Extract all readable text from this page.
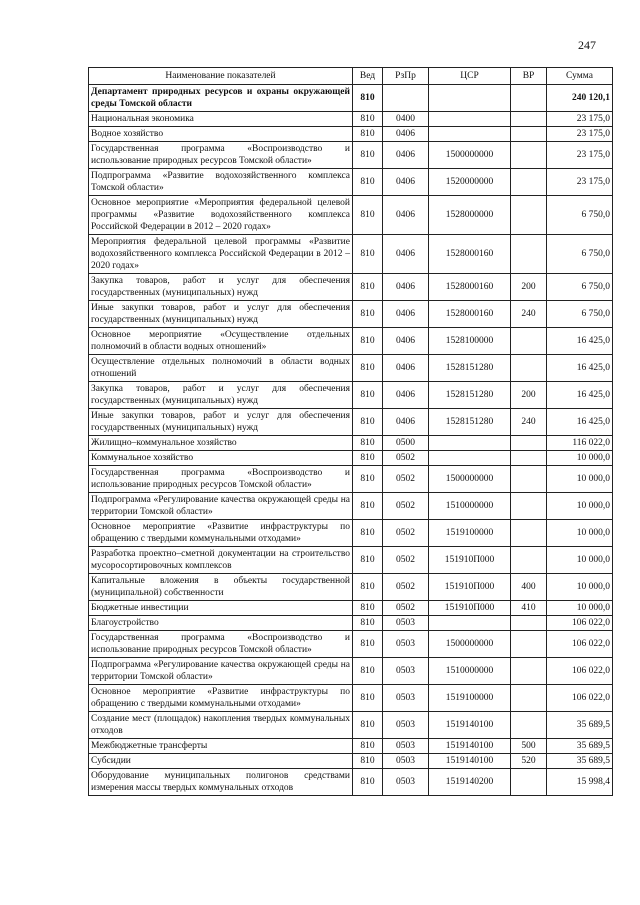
247
Наименование показателей	Вед	РзПр	ЦСР	ВР	Сумма
Департамент природных ресурсов и охраны окружающей среды Томской области	810				240 120,1
Национальная экономика	810	0400			23 175,0
Водное хозяйство	810	0406			23 175,0
Государственная программа «Воспроизводство и использование природных ресурсов Томской области»	810	0406	1500000000		23 175,0
Подпрограмма «Развитие водохозяйственного комплекса Томской области»	810	0406	1520000000		23 175,0
Основное мероприятие «Мероприятия федеральной целевой программы «Развитие водохозяйственного комплекса Российской Федерации в 2012 – 2020 годах»	810	0406	1528000000		6 750,0
Мероприятия федеральной целевой программы «Развитие водохозяйственного комплекса Российской Федерации в 2012 – 2020 годах»	810	0406	1528000160		6 750,0
Закупка товаров, работ и услуг для обеспечения государственных (муниципальных) нужд	810	0406	1528000160	200	6 750,0
Иные закупки товаров, работ и услуг для обеспечения государственных (муниципальных) нужд	810	0406	1528000160	240	6 750,0
Основное мероприятие «Осуществление отдельных полномочий в области водных отношений»	810	0406	1528100000		16 425,0
Осуществление отдельных полномочий в области водных отношений	810	0406	1528151280		16 425,0
Закупка товаров, работ и услуг для обеспечения государственных (муниципальных) нужд	810	0406	1528151280	200	16 425,0
Иные закупки товаров, работ и услуг для обеспечения государственных (муниципальных) нужд	810	0406	1528151280	240	16 425,0
Жилищно–коммунальное хозяйство	810	0500			116 022,0
Коммунальное хозяйство	810	0502			10 000,0
Государственная программа «Воспроизводство и использование природных ресурсов Томской области»	810	0502	1500000000		10 000,0
Подпрограмма «Регулирование качества окружающей среды на территории Томской области»	810	0502	1510000000		10 000,0
Основное мероприятие «Развитие инфраструктуры по обращению с твердыми коммунальными отходами»	810	0502	1519100000		10 000,0
Разработка проектно–сметной документации на строительство мусоросортировочных комплексов	810	0502	151910П000		10 000,0
Капитальные вложения в объекты государственной (муниципальной) собственности	810	0502	151910П000	400	10 000,0
Бюджетные инвестиции	810	0502	151910П000	410	10 000,0
Благоустройство	810	0503			106 022,0
Государственная программа «Воспроизводство и использование природных ресурсов Томской области»	810	0503	1500000000		106 022,0
Подпрограмма «Регулирование качества окружающей среды на территории Томской области»	810	0503	1510000000		106 022,0
Основное мероприятие «Развитие инфраструктуры по обращению с твердыми коммунальными отходами»	810	0503	1519100000		106 022,0
Создание мест (площадок) накопления твердых коммунальных отходов	810	0503	1519140100		35 689,5
Межбюджетные трансферты	810	0503	1519140100	500	35 689,5
Субсидии	810	0503	1519140100	520	35 689,5
Оборудование муниципальных полигонов средствами измерения массы твердых коммунальных отходов	810	0503	1519140200		15 998,4
